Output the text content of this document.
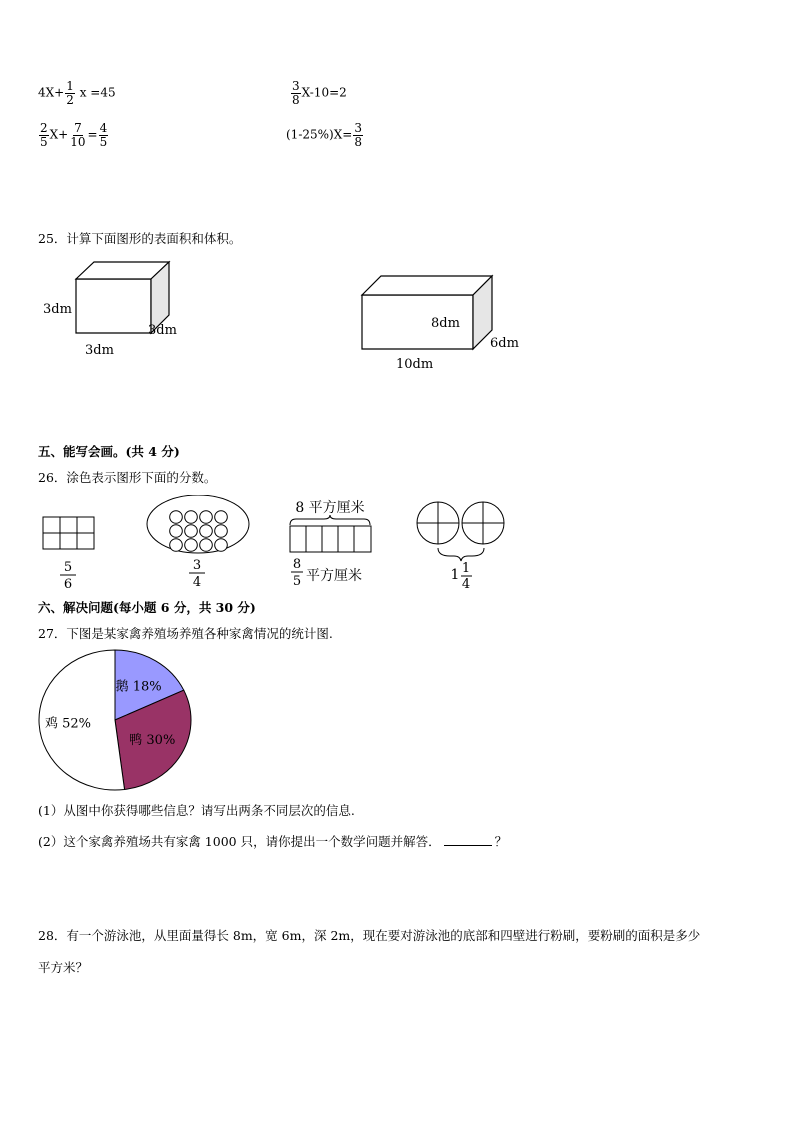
$4X+ \frac{1}{2}$ x =45	$\frac{3}{8} X-10=2$
$\frac{2}{5} X+ \frac{7}{10} = \frac{4}{5}$	$(1-25\%)X= \frac{3}{8}$
25．计算下面图形的表面积和体积。
3dm
3dm
3dm
8dm
6dm
10dm
五、能写会画。(共 4 分)
26．涂色表示图形下面的分数。
5
6
3
4
8 平方厘米
8
5 平方厘米	1 1
4
六、解决问题(每小题 6 分，共 30 分)
27．下图是某家禽养殖场养殖各种家禽情况的统计图.
鹅 18%
鸭 30%
鸡 52%
(1）从图中你获得哪些信息？请写出两条不同层次的信息.
(2）这个家禽养殖场共有家禽 1000 只，请你提出一个数学问题并解答．	？
28．有一个游泳池，从里面量得长 8m，宽 6m，深 2m，现在要对游泳池的底部和四壁进行粉刷，要粉刷的面积是多少
平方米？
